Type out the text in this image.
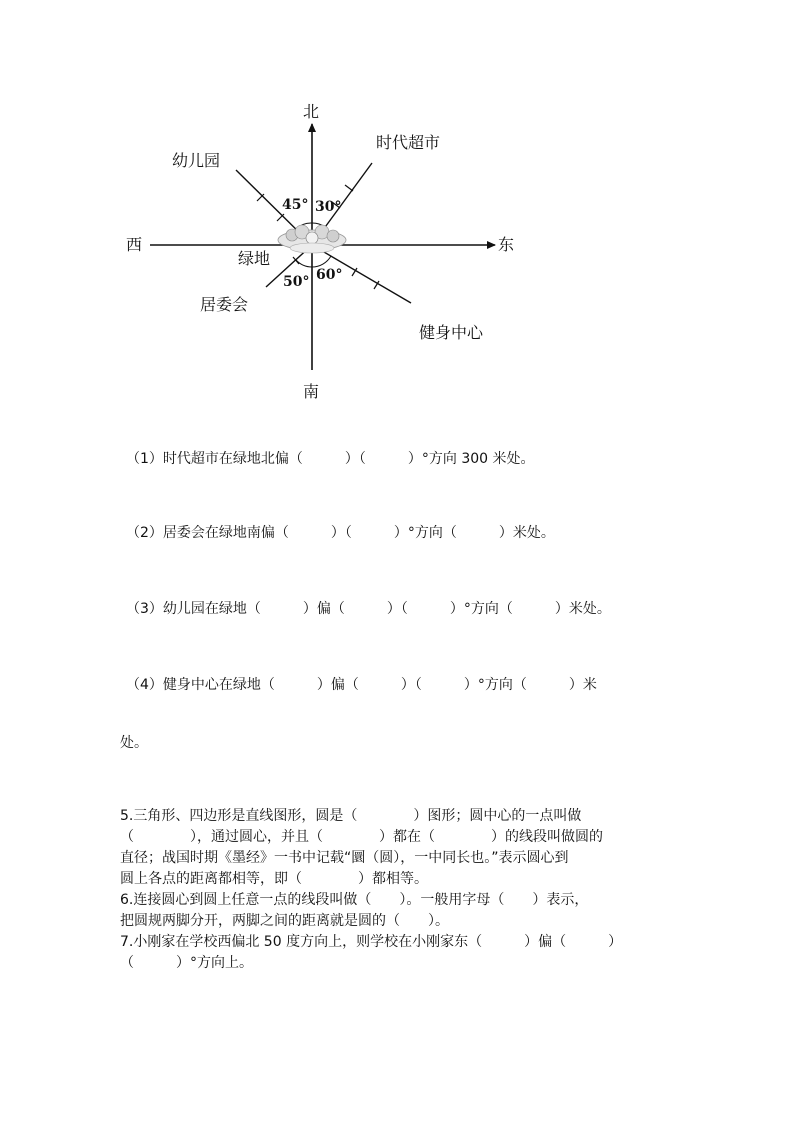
北
南
西	东
绿地
幼儿园
时代超市
居委会
健身中心
45° 30°
50° 60°
（1）时代超市在绿地北偏（　　　）（　　　）°方向 300 米处。
（2）居委会在绿地南偏（　　　）（　　　）°方向（　　　）米处。
（3）幼儿园在绿地（　　　）偏（　　　）（　　　）°方向（　　　）米处。
（4）健身中心在绿地（　　　）偏（　　　）（　　　）°方向（　　　）米
处。
5.三角形、四边形是直线图形，圆是（　　　　）图形；圆中心的一点叫做
（　　　　），通过圆心，并且（　　　　）都在（　　　　）的线段叫做圆的
直径；战国时期《墨经》一书中记载“圜（圆），一中同长也。”表示圆心到
圆上各点的距离都相等，即（　　　　）都相等。
6.连接圆心到圆上任意一点的线段叫做（　　）。一般用字母（　　）表示，
把圆规两脚分开，两脚之间的距离就是圆的（　　）。
7.小刚家在学校西偏北 50 度方向上，则学校在小刚家东（　　　）偏（　　　）
（　　　）°方向上。
